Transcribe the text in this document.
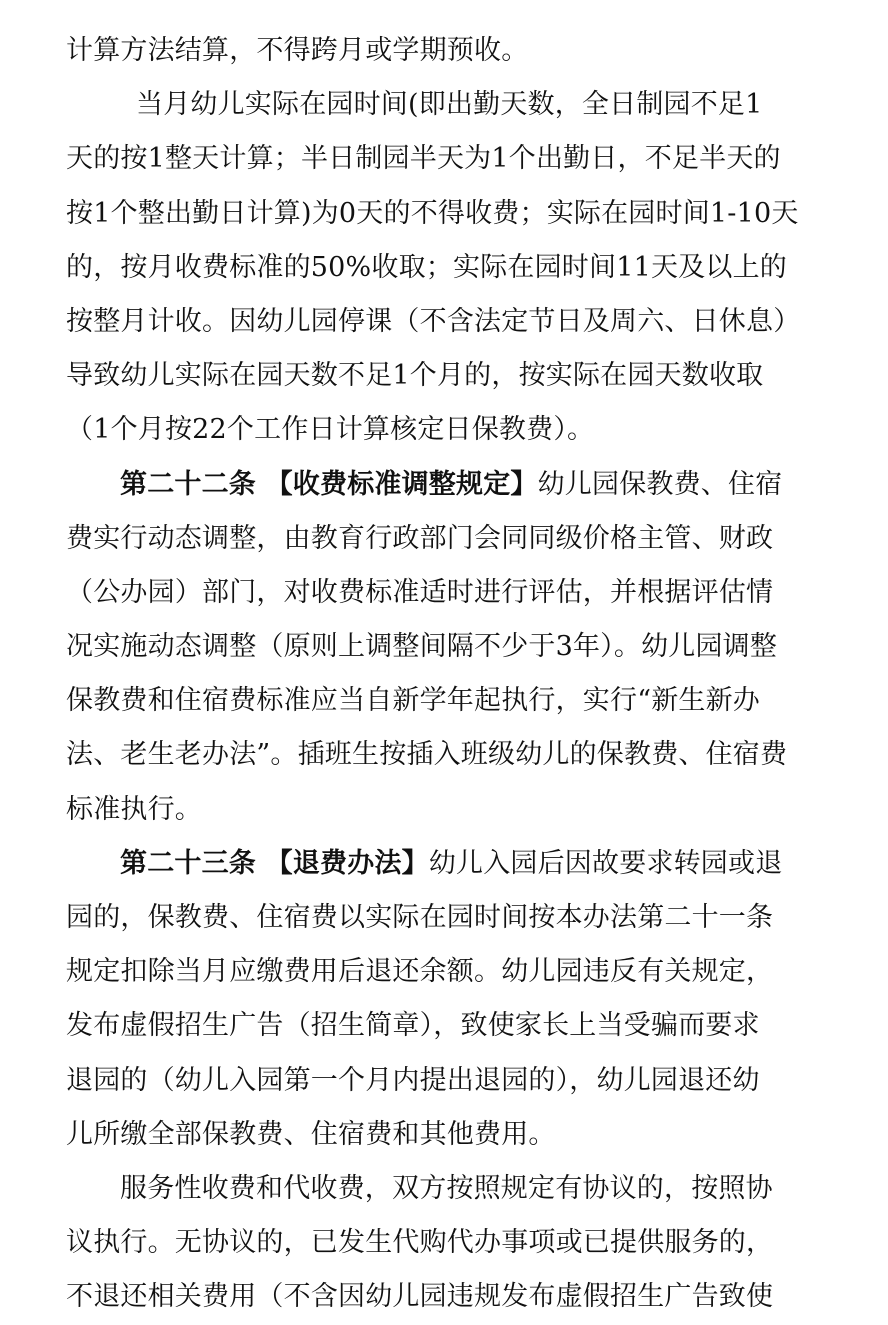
计算方法结算，不得跨月或学期预收。
当月幼儿实际在园时间(即出勤天数，全日制园不足1
天的按1整天计算；半日制园半天为1个出勤日，不足半天的
按1个整出勤日计算)为0天的不得收费；实际在园时间1-10天
的，按月收费标准的50%收取；实际在园时间11天及以上的
按整月计收。因幼儿园停课（不含法定节日及周六、日休息）
导致幼儿实际在园天数不足1个月的，按实际在园天数收取
（1个月按22个工作日计算核定日保教费）。
第二十二条 【收费标准调整规定】幼儿园保教费、住宿
费实行动态调整，由教育行政部门会同同级价格主管、财政
（公办园）部门，对收费标准适时进行评估，并根据评估情
况实施动态调整（原则上调整间隔不少于3年）。幼儿园调整
保教费和住宿费标准应当自新学年起执行，实行“新生新办
法、老生老办法”。插班生按插入班级幼儿的保教费、住宿费
标准执行。
第二十三条 【退费办法】幼儿入园后因故要求转园或退
园的，保教费、住宿费以实际在园时间按本办法第二十一条
规定扣除当月应缴费用后退还余额。幼儿园违反有关规定，
发布虚假招生广告（招生简章），致使家长上当受骗而要求
退园的（幼儿入园第一个月内提出退园的），幼儿园退还幼
儿所缴全部保教费、住宿费和其他费用。
服务性收费和代收费，双方按照规定有协议的，按照协
议执行。无协议的，已发生代购代办事项或已提供服务的，
不退还相关费用（不含因幼儿园违规发布虚假招生广告致使
